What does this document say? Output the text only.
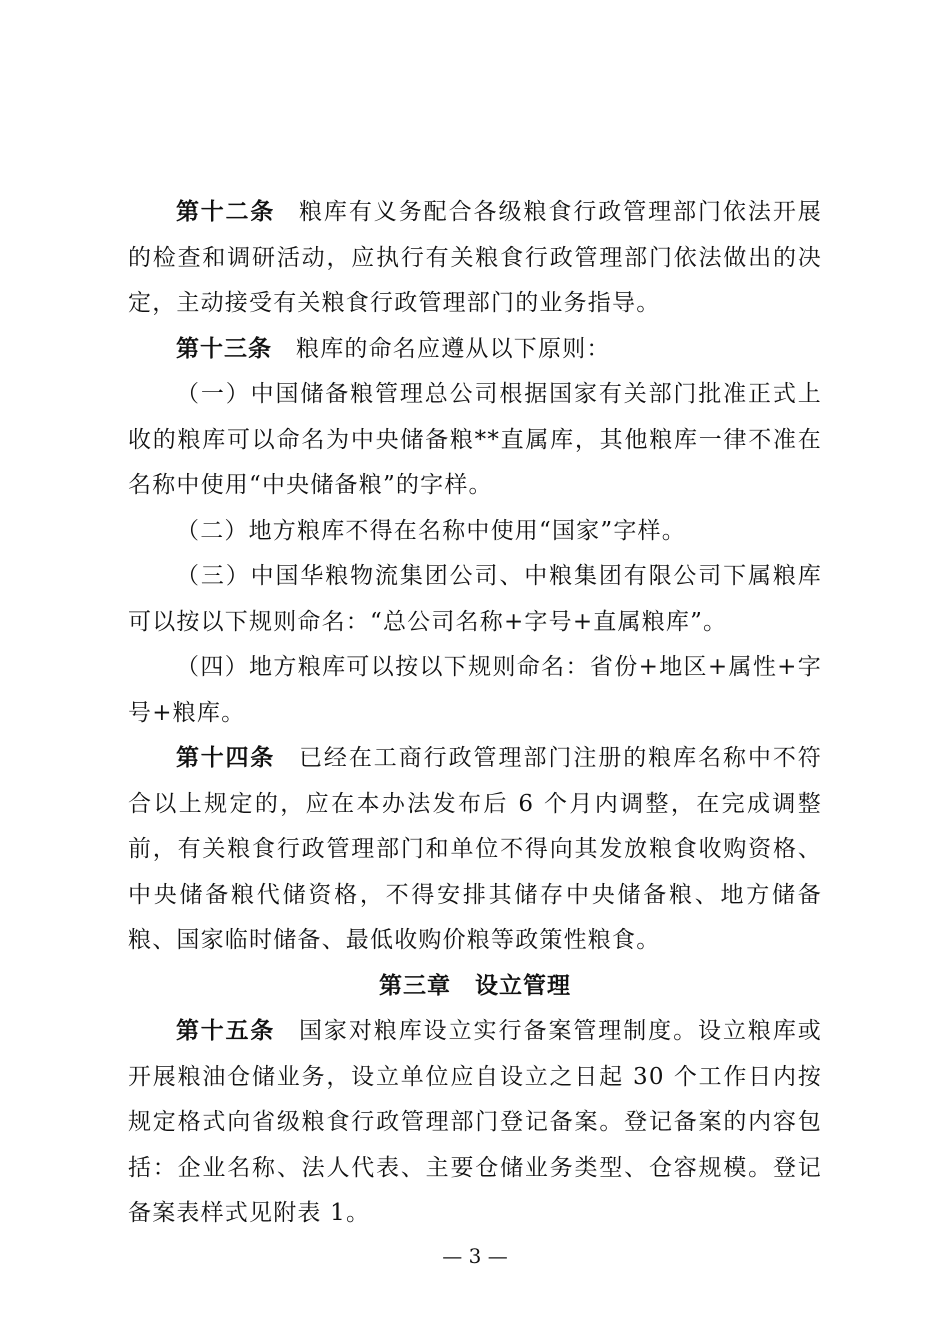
第十二条 粮库有义务配合各级粮食行政管理部门依法开展的检查和调研活动，应执行有关粮食行政管理部门依法做出的决定，主动接受有关粮食行政管理部门的业务指导。

第十三条 粮库的命名应遵从以下原则：

（一）中国储备粮管理总公司根据国家有关部门批准正式上收的粮库可以命名为中央储备粮**直属库，其他粮库一律不准在名称中使用“中央储备粮”的字样。

（二）地方粮库不得在名称中使用“国家”字样。

（三）中国华粮物流集团公司、中粮集团有限公司下属粮库可以按以下规则命名：“总公司名称+字号+直属粮库”。

（四）地方粮库可以按以下规则命名：省份+地区+属性+字号+粮库。

第十四条 已经在工商行政管理部门注册的粮库名称中不符合以上规定的，应在本办法发布后 6 个月内调整，在完成调整前，有关粮食行政管理部门和单位不得向其发放粮食收购资格、中央储备粮代储资格，不得安排其储存中央储备粮、地方储备粮、国家临时储备、最低收购价粮等政策性粮食。

第三章 设立管理

第十五条 国家对粮库设立实行备案管理制度。设立粮库或开展粮油仓储业务，设立单位应自设立之日起 30 个工作日内按规定格式向省级粮食行政管理部门登记备案。登记备案的内容包括：企业名称、法人代表、主要仓储业务类型、仓容规模。登记备案表样式见附表 1。

— 3 —
